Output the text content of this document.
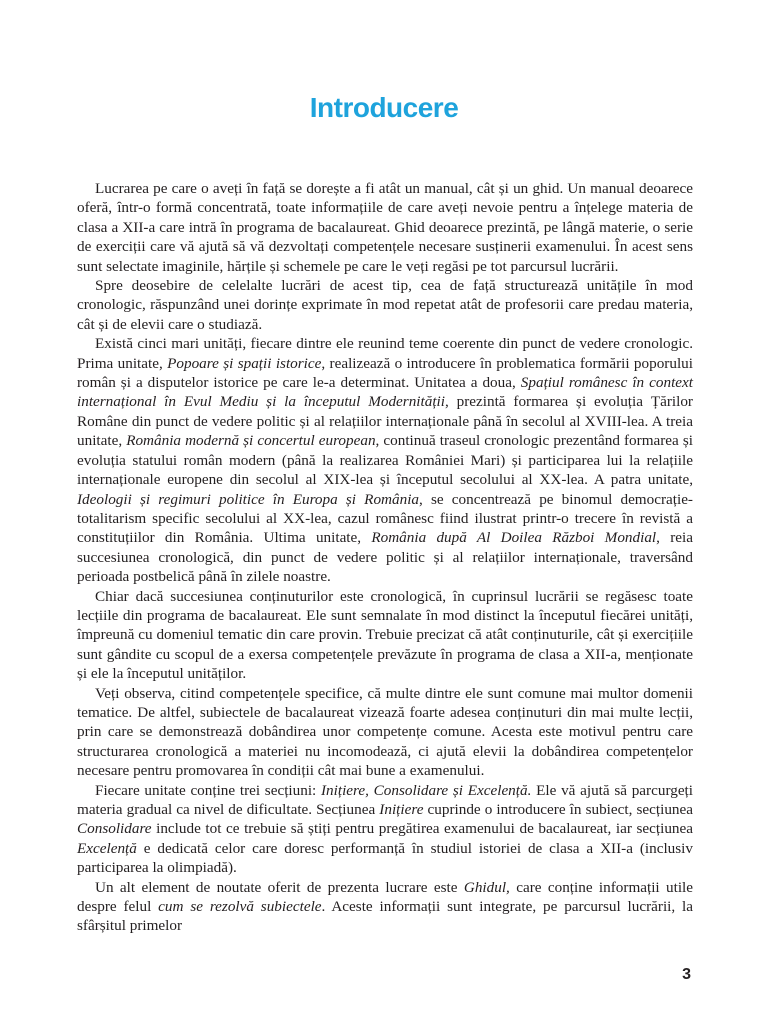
Introducere

Lucrarea pe care o aveți în față se dorește a fi atât un manual, cât și un ghid. Un manual deoarece oferă, într-o formă concentrată, toate informațiile de care aveți nevoie pentru a înțelege materia de clasa a XII-a care intră în programa de bacalaureat. Ghid deoarece prezintă, pe lângă materie, o serie de exerciții care vă ajută să vă dezvoltați competențele necesare susținerii examenului. În acest sens sunt selectate imaginile, hărțile și schemele pe care le veți regăsi pe tot parcursul lucrării.

Spre deosebire de celelalte lucrări de acest tip, cea de față structurează unitățile în mod cronologic, răspunzând unei dorințe exprimate în mod repetat atât de profesorii care predau materia, cât și de elevii care o studiază.

Există cinci mari unități, fiecare dintre ele reunind teme coerente din punct de vedere cronologic. Prima unitate, Popoare și spații istorice, realizează o introducere în problematica formării poporului român și a disputelor istorice pe care le-a determinat. Unitatea a doua, Spațiul românesc în context internațional în Evul Mediu și la începutul Modernității, prezintă formarea și evoluția Țărilor Române din punct de vedere politic și al relațiilor internaționale până în secolul al XVIII-lea. A treia unitate, România modernă și concertul european, continuă traseul cronologic prezentând formarea și evoluția statului român modern (până la realizarea României Mari) și participarea lui la relațiile internaționale europene din secolul al XIX-lea și începutul secolului al XX-lea. A patra unitate, Ideologii și regimuri politice în Europa și România, se concentrează pe binomul democrație-totalitarism specific secolului al XX-lea, cazul românesc fiind ilustrat printr-o trecere în revistă a constituțiilor din România. Ultima unitate, România după Al Doilea Război Mondial, reia succesiunea cronologică, din punct de vedere politic și al relațiilor internaționale, traversând perioada postbelică până în zilele noastre.

Chiar dacă succesiunea conținuturilor este cronologică, în cuprinsul lucrării se regăsesc toate lecțiile din programa de bacalaureat. Ele sunt semnalate în mod distinct la începutul fiecărei unități, împreună cu domeniul tematic din care provin. Trebuie precizat că atât conținuturile, cât și exercițiile sunt gândite cu scopul de a exersa competențele prevăzute în programa de clasa a XII-a, menționate și ele la începutul unităților.

Veți observa, citind competențele specifice, că multe dintre ele sunt comune mai multor domenii tematice. De altfel, subiectele de bacalaureat vizează foarte adesea conținuturi din mai multe lecții, prin care se demonstrează dobândirea unor competențe comune. Acesta este motivul pentru care structurarea cronologică a materiei nu incomodează, ci ajută elevii la dobândirea competențelor necesare pentru promovarea în condiții cât mai bune a examenului.

Fiecare unitate conține trei secțiuni: Inițiere, Consolidare și Excelență. Ele vă ajută să parcurgeți materia gradual ca nivel de dificultate. Secțiunea Inițiere cuprinde o introducere în subiect, secțiunea Consolidare include tot ce trebuie să știți pentru pregătirea examenului de bacalaureat, iar secțiunea Excelență e dedicată celor care doresc performanță în studiul istoriei de clasa a XII-a (inclusiv participarea la olimpiadă).

Un alt element de noutate oferit de prezenta lucrare este Ghidul, care conține informații utile despre felul cum se rezolvă subiectele. Aceste informații sunt integrate, pe parcursul lucrării, la sfârșitul primelor

3
